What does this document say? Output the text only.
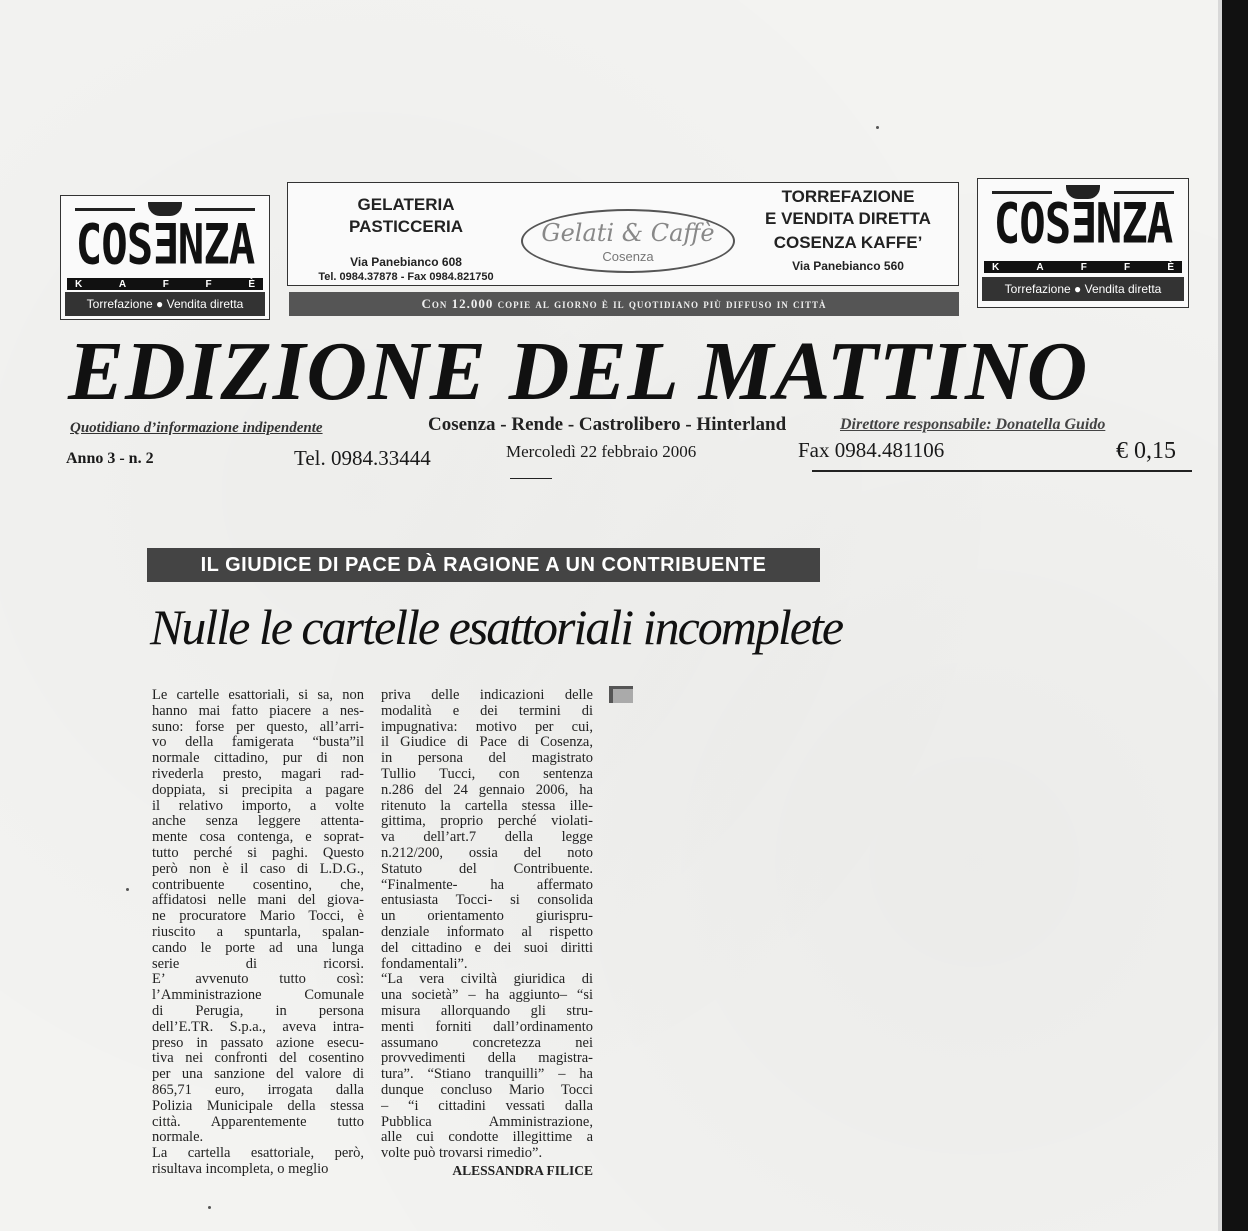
COSƎNZA
K	A	F	F	È
Torrefazione ● Vendita diretta
GELATERIA
PASTICCERIA
Via Panebianco 608
Tel. 0984.37878 - Fax 0984.821750
Gelati & Caffè
Cosenza
TORREFAZIONE
E VENDITA DIRETTA
COSENZA KAFFE’
Via Panebianco 560
COSƎNZA
K	A	F	F	È
Torrefazione ● Vendita diretta
Con 12.000 copie al giorno è il quotidiano più diffuso in città
EDIZIONE DEL MATTINO
Quotidiano d’informazione indipendente	Cosenza - Rende - Castrolibero - Hinterland	Direttore responsabile: Donatella Guido
Anno 3 - n. 2	Tel. 0984.33444	Mercoledì 22 febbraio 2006	Fax 0984.481106	€ 0,15
IL GIUDICE DI PACE DÀ RAGIONE A UN CONTRIBUENTE
Nulle le cartelle esattoriali incomplete
Le cartelle esattoriali, si sa, non
hanno mai fatto piacere a nes-
suno: forse per questo, all’arri-
vo della famigerata “busta”il
normale cittadino, pur di non
rivederla presto, magari rad-
doppiata, si precipita a pagare
il relativo importo, a volte
anche senza leggere attenta-
mente cosa contenga, e soprat-
tutto perché si paghi. Questo
però non è il caso di L.D.G.,
contribuente cosentino, che,
affidatosi nelle mani del giova-
ne procuratore Mario Tocci, è
riuscito a spuntarla, spalan-
cando le porte ad una lunga
serie di ricorsi.
E’ avvenuto tutto così:
l’Amministrazione Comunale
di Perugia, in persona
dell’E.TR. S.p.a., aveva intra-
preso in passato azione esecu-
tiva nei confronti del cosentino
per una sanzione del valore di
865,71 euro, irrogata dalla
Polizia Municipale della stessa
città. Apparentemente tutto
normale.
La cartella esattoriale, però,
risultava incompleta, o meglio
priva delle indicazioni delle
modalità e dei termini di
impugnativa: motivo per cui,
il Giudice di Pace di Cosenza,
in persona del magistrato
Tullio Tucci, con sentenza
n.286 del 24 gennaio 2006, ha
ritenuto la cartella stessa ille-
gittima, proprio perché violati-
va dell’art.7 della legge
n.212/200, ossia del noto
Statuto del Contribuente.
“Finalmente- ha affermato
entusiasta Tocci- si consolida
un orientamento giurispru-
denziale informato al rispetto
del cittadino e dei suoi diritti
fondamentali”.
“La vera civiltà giuridica di
una società” – ha aggiunto– “si
misura allorquando gli stru-
menti forniti dall’ordinamento
assumano concretezza nei
provvedimenti della magistra-
tura”. “Stiano tranquilli” – ha
dunque concluso Mario Tocci
– “i cittadini vessati dalla
Pubblica Amministrazione,
alle cui condotte illegittime a
volte può trovarsi rimedio”.
ALESSANDRA FILICE
